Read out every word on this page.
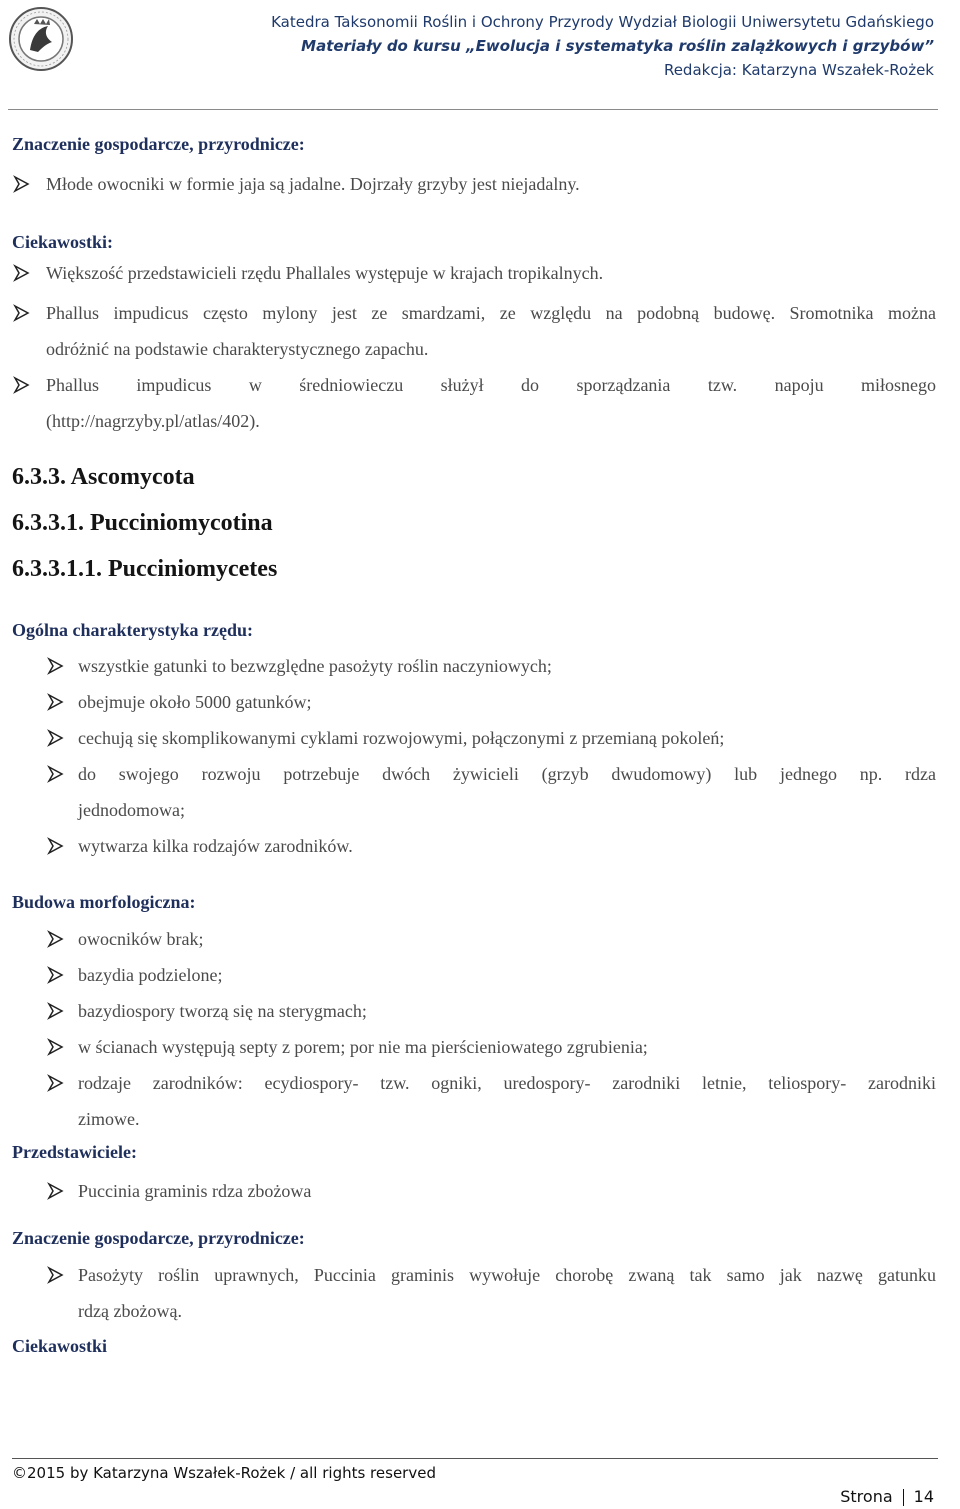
Katedra Taksonomii Roślin i Ochrony Przyrody Wydział Biologii Uniwersytetu Gdańskiego
Materiały do kursu „Ewolucja i systematyka roślin zalążkowych i grzybów”
Redakcja: Katarzyna Wszałek-Rożek
Znaczenie gospodarcze, przyrodnicze:
Młode owocniki w formie jaja są jadalne. Dojrzały grzyby jest niejadalny.
Ciekawostki:
Większość przedstawicieli rzędu Phallales występuje w krajach tropikalnych.
Phallus impudicus często mylony jest ze smardzami, ze względu na podobną budowę. Sromotnika można
odróżnić na podstawie charakterystycznego zapachu.
Phallus impudicus w średniowieczu służył do sporządzania tzw. napoju miłosnego
(http://nagrzyby.pl/atlas/402).
6.3.3. Ascomycota
6.3.3.1. Pucciniomycotina
6.3.3.1.1. Pucciniomycetes
Ogólna charakterystyka rzędu:
wszystkie gatunki to bezwzględne pasożyty roślin naczyniowych;
obejmuje około 5000 gatunków;
cechują się skomplikowanymi cyklami rozwojowymi, połączonymi z przemianą pokoleń;
do swojego rozwoju potrzebuje dwóch żywicieli (grzyb dwudomowy) lub jednego np. rdza
jednodomowa;
wytwarza kilka rodzajów zarodników.
Budowa morfologiczna:
owocników brak;
bazydia podzielone;
bazydiospory tworzą się na sterygmach;
w ścianach występują septy z porem; por nie ma pierścieniowatego zgrubienia;
rodzaje zarodników: ecydiospory- tzw. ogniki, uredospory- zarodniki letnie, teliospory- zarodniki
zimowe.
Przedstawiciele:
Puccinia graminis rdza zbożowa
Znaczenie gospodarcze, przyrodnicze:
Pasożyty roślin uprawnych, Puccinia graminis wywołuje chorobę zwaną tak samo jak nazwę gatunku
rdzą zbożową.
Ciekawostki
©2015 by Katarzyna Wszałek-Rożek / all rights reserved
Strona 14
